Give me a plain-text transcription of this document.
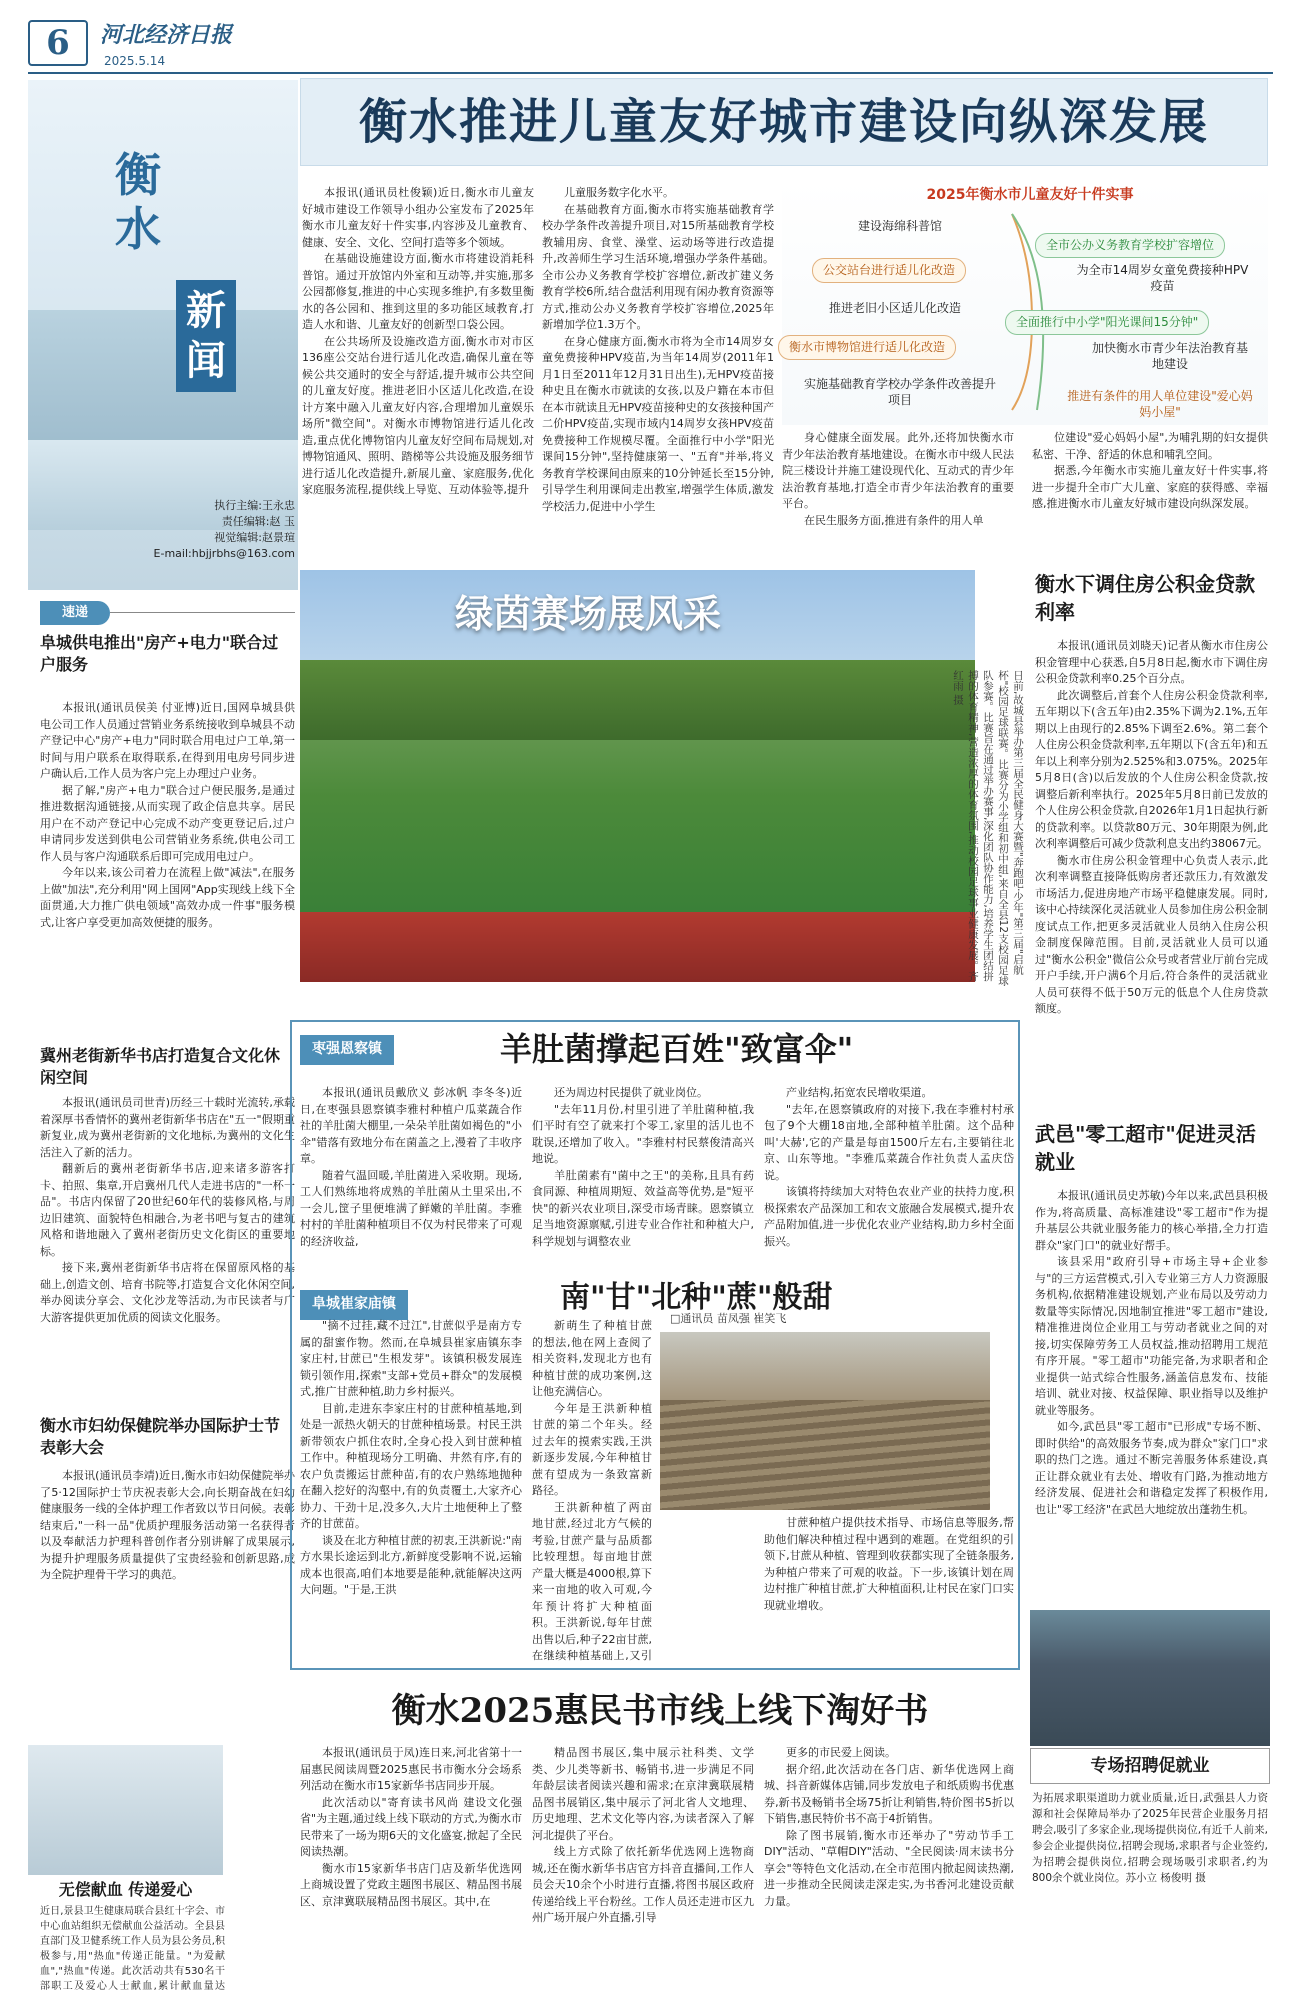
6	河北经济日报
2025.5.14
衡水
新闻
执行主编:王永忠
责任编辑:赵 玉
视觉编辑:赵景瑄
E-mail:hbjjrbhs@163.com
衡水推进儿童友好城市建设向纵深发展

本报讯(通讯员杜俊颖)近日,衡水市儿童友好城市建设工作领导小组办公室发布了2025年衡水市儿童友好十件实事,内容涉及儿童教育、健康、安全、文化、空间打造等多个领域。

在基础设施建设方面,衡水市将建设消耗科普馆。通过开放馆内外室和互动等,并实施,那多公园都修复,推进的中心实现多维护,有多数里衡水的各公园和、推到这里的多功能区域教育,打造人水和谐、儿童友好的创新型口袋公园。

在公共场所及设施改造方面,衡水市对市区136座公交站台进行适儿化改造,确保儿童在等候公共交通时的安全与舒适,提升城市公共空间的儿童友好度。推进老旧小区适儿化改造,在设计方案中融入儿童友好内容,合理增加儿童娱乐场所"微空间"。对衡水市博物馆进行适儿化改造,重点优化博物馆内儿童友好空间布局规划,对博物馆通风、照明、踏梯等公共设施及服务细节进行适儿化改造提升,新展儿童、家庭服务,优化家庭服务流程,提供线上导览、互动体验等,提升

儿童服务数字化水平。

在基础教育方面,衡水市将实施基础教育学校办学条件改善提升项目,对15所基础教育学校教辅用房、食堂、澡堂、运动场等进行改造提升,改善师生学习生活环境,增强办学条件基础。全市公办义务教育学校扩容增位,新改扩建义务教育学校6所,结合盘活利用现有闲办教育资源等方式,推动公办义务教育学校扩容增位,2025年新增加学位1.3万个。

在身心健康方面,衡水市将为全市14周岁女童免费接种HPV疫苗,为当年14周岁(2011年1月1日至2011年12月31日出生),无HPV疫苗接种史且在衡水市就读的女孩,以及户籍在本市但在本市就读且无HPV疫苗接种史的女孩接种国产二价HPV疫苗,实现市域内14周岁女孩HPV疫苗免费接种工作规模尽覆。全面推行中小学"阳光课间15分钟",坚持健康第一、"五育"并举,将义务教育学校课间由原来的10分钟延长至15分钟,引导学生利用课间走出教室,增强学生体质,激发学校活力,促进中小学生

身心健康全面发展。此外,还将加快衡水市青少年法治教育基地建设。在衡水市中级人民法院三楼设计并施工建设现代化、互动式的青少年法治教育基地,打造全市青少年法治教育的重要平台。

在民生服务方面,推进有条件的用人单

位建设"爱心妈妈小屋",为哺乳期的妇女提供私密、干净、舒适的休息和哺乳空间。

据悉,今年衡水市实施儿童友好十件实事,将进一步提升全市广大儿童、家庭的获得感、幸福感,推进衡水市儿童友好城市建设向纵深发展。

2025年衡水市儿童友好十件实事
建设海绵科普馆
公交站台进行适儿化改造
推进老旧小区适儿化改造
衡水市博物馆进行适儿化改造
实施基础教育学校办学条件改善提升项目
全市公办义务教育学校扩容增位
为全市14周岁女童免费接种HPV疫苗
全面推行中小学"阳光课间15分钟"
加快衡水市青少年法治教育基地建设
推进有条件的用人单位建设"爱心妈妈小屋"
绿茵赛场展风采
日前,故城县举办第三届全民健身大赛暨"奔跑吧·少年"第三届"启航杯"校园足球联赛。比赛分为小学组和初中组,来自全县12支校园足球队参赛。比赛旨在通过举办赛事,深化团队协作能力,培养学生团结拼搏的体育精神,营造浓厚的体育氛围,推动校园足球事业健康发展。齐红雨 摄
衡水下调住房公积金贷款利率

本报讯(通讯员刘晓天)记者从衡水市住房公积金管理中心获悉,自5月8日起,衡水市下调住房公积金贷款利率0.25个百分点。

此次调整后,首套个人住房公积金贷款利率,五年期以下(含五年)由2.35%下调为2.1%,五年期以上由现行的2.85%下调至2.6%。第二套个人住房公积金贷款利率,五年期以下(含五年)和五年以上利率分别为2.525%和3.075%。2025年5月8日(含)以后发放的个人住房公积金贷款,按调整后新利率执行。2025年5月8日前已发放的个人住房公积金贷款,自2026年1月1日起执行新的贷款利率。以贷款80万元、30年期限为例,此次利率调整后可减少贷款利息支出约38067元。

衡水市住房公积金管理中心负责人表示,此次利率调整直接降低购房者还款压力,有效激发市场活力,促进房地产市场平稳健康发展。同时,该中心持续深化灵活就业人员参加住房公积金制度试点工作,把更多灵活就业人员纳入住房公积金制度保障范围。目前,灵活就业人员可以通过"衡水公积金"微信公众号或者营业厅前台完成开户手续,开户满6个月后,符合条件的灵活就业人员可获得不低于50万元的低息个人住房贷款额度。

武邑"零工超市"促进灵活就业

本报讯(通讯员史苏敏)今年以来,武邑县积极作为,将高质量、高标准建设"零工超市"作为提升基层公共就业服务能力的核心举措,全力打造群众"家门口"的就业好帮手。

该县采用"政府引导+市场主导+企业参与"的三方运营模式,引入专业第三方人力资源服务机构,依据精准建设规划,产业布局以及劳动力数量等实际情况,因地制宜推进"零工超市"建设,精准推进岗位企业用工与劳动者就业之间的对接,切实保障劳务工人员权益,推动招聘用工规范有序开展。"零工超市"功能完备,为求职者和企业提供一站式综合性服务,涵盖信息发布、技能培训、就业对接、权益保障、职业指导以及维护就业等服务。

如今,武邑县"零工超市"已形成"专场不断、即时供给"的高效服务节奏,成为群众"家门口"求职的热门之选。通过不断完善服务体系建设,真正让群众就业有去处、增收有门路,为推动地方经济发展、促进社会和谐稳定发挥了积极作用,也让"零工经济"在武邑大地绽放出蓬勃生机。

专场招聘促就业
为拓展求职渠道助力就业质量,近日,武强县人力资源和社会保障局举办了2025年民营企业服务月招聘会,吸引了多家企业,现场提供岗位,有近千人前来,参会企业提供岗位,招聘会现场,求职者与企业签约,为招聘会提供岗位,招聘会现场吸引求职者,约为800余个就业岗位。苏小立 杨俊明 摄
速递
阜城供电推出"房产+电力"联合过户服务

本报讯(通讯员侯美 付亚博)近日,国网阜城县供电公司工作人员通过营销业务系统接收到阜城县不动产登记中心"房产+电力"同时联合用电过户工单,第一时间与用户联系在取得联系,在得到用电房号同步进户确认后,工作人员为客户完上办理过户业务。

据了解,"房产+电力"联合过户便民服务,是通过推进数据沟通链接,从而实现了政企信息共享。居民用户在不动产登记中心完成不动产变更登记后,过户申请同步发送到供电公司营销业务系统,供电公司工作人员与客户沟通联系后即可完成用电过户。

今年以来,该公司着力在流程上做"减法",在服务上做"加法",充分利用"网上国网"App实现线上线下全面贯通,大力推广供电领域"高效办成一件事"服务模式,让客户享受更加高效便捷的服务。

冀州老街新华书店打造复合文化休闲空间

本报讯(通讯员司世青)历经三十载时光流转,承载着深厚书香情怀的冀州老街新华书店在"五一"假期重新复业,成为冀州老街新的文化地标,为冀州的文化生活注入了新的活力。

翻新后的冀州老街新华书店,迎来诸多游客打卡、拍照、集章,开启冀州几代人走进书店的"一杯一品"。书店内保留了20世纪60年代的装修风格,与周边旧建筑、面貌特色相融合,为老书吧与复古的建筑风格和谐地融入了冀州老街历史文化街区的重要地标。

接下来,冀州老街新华书店将在保留原风格的基础上,创造文创、培育书院等,打造复合文化休闲空间,举办阅读分享会、文化沙龙等活动,为市民读者与广大游客提供更加优质的阅读文化服务。

衡水市妇幼保健院举办国际护士节表彰大会

本报讯(通讯员李靖)近日,衡水市妇幼保健院举办了5·12国际护士节庆祝表彰大会,向长期奋战在妇幼健康服务一线的全体护理工作者致以节日问候。表彰结束后,"一科一品"优质护理服务活动第一名获得者以及奉献活力护理科普创作者分别讲解了成果展示,为提升护理服务质量提供了宝贵经验和创新思路,成为全院护理骨干学习的典范。

无偿献血 传递爱心
近日,景县卫生健康局联合县红十字会、市中心血站组织无偿献血公益活动。全县县直部门及卫健系统工作人员为县公务员,积极参与,用"热血"传递正能量。"为爱献血","热血"传递。此次活动共有530名干部职工及爱心人士献血,累计献血量达
枣强恩察镇	羊肚菌撑起百姓"致富伞"

本报讯(通讯员戴欣义 彭冰帆 李冬冬)近日,在枣强县恩察镇李雅村种植户瓜菜蔬合作社的羊肚菌大棚里,一朵朵羊肚菌如褐色的"小伞"错落有致地分布在菌盖之上,漫着了丰收序章。

随着气温回暖,羊肚菌进入采收期。现场,工人们熟练地将成熟的羊肚菌从土里采出,不一会儿,筐子里便堆满了鲜嫩的羊肚菌。李雅村村的羊肚菌种植项目不仅为村民带来了可观的经济收益,

还为周边村民提供了就业岗位。

"去年11月份,村里引进了羊肚菌种植,我们平时有空了就来打个零工,家里的活儿也不耽误,还增加了收入。"李雅村村民蔡俊清高兴地说。

羊肚菌素有"菌中之王"的美称,且具有药食同源、种植周期短、效益高等优势,是"短平快"的新兴农业项目,深受市场青睐。恩察镇立足当地资源禀赋,引进专业合作社和种植大户,科学规划与调整农业

产业结构,拓宽农民增收渠道。

"去年,在恩察镇政府的对接下,我在李雅村村承包了9个大棚18亩地,全部种植羊肚菌。这个品种叫'大赫',它的产量是每亩1500斤左右,主要销往北京、山东等地。"李雅瓜菜蔬合作社负责人孟庆岱说。

该镇将持续加大对特色农业产业的扶持力度,积极探索农产品深加工和农文旅融合发展模式,提升农产品附加值,进一步优化农业产业结构,助力乡村全面振兴。

阜城崔家庙镇	南"甘"北种"蔗"般甜
□通讯员 苗凤强 崔笑飞

"摘不过挂,藏不过江",甘蔗似乎是南方专属的甜蜜作物。然而,在阜城县崔家庙镇东李家庄村,甘蔗已"生根发芽"。该镇积极发展连锁引领作用,探索"支部+党员+群众"的发展模式,推广甘蔗种植,助力乡村振兴。

目前,走进东李家庄村的甘蔗种植基地,到处是一派热火朝天的甘蔗种植场景。村民王洪新带领农户抓住农时,全身心投入到甘蔗种植工作中。种植现场分工明确、井然有序,有的农户负责搬运甘蔗种苗,有的农户熟练地抛种在翻入挖好的沟壑中,有的负责覆土,大家齐心协力、干劲十足,没多久,大片土地便种上了整齐的甘蔗苗。

谈及在北方种植甘蔗的初衷,王洪新说:"南方水果长途运到北方,新鲜度受影响不说,运输成本也很高,咱们本地要是能种,就能解决这两大问题。"于是,王洪

新萌生了种植甘蔗的想法,他在网上查阅了相关资料,发现北方也有种植甘蔗的成功案例,这让他充满信心。

今年是王洪新种植甘蔗的第二个年头。经过去年的摸索实践,王洪新逐步发展,今年种植甘蔗有望成为一条致富新路径。

王洪新种植了两亩地甘蔗,经过北方气候的考验,甘蔗产量与品质都比较理想。每亩地甘蔗产量大概是4000根,算下来一亩地的收入可观,今年预计将扩大种植面积。王洪新说,每年甘蔗出售以后,种子22亩甘蔗,在继续种植基础上,又引

甘蔗种植户提供技术指导、市场信息等服务,帮助他们解决种植过程中遇到的难题。在党组织的引领下,甘蔗从种植、管理到收获都实现了全链条服务,为种植户带来了可观的收益。下一步,该镇计划在周边村推广种植甘蔗,扩大种植面积,让村民在家门口实现就业增收。

衡水2025惠民书市线上线下淘好书

本报讯(通讯员于凤)连日来,河北省第十一届惠民阅读周暨2025惠民书市衡水分会场系列活动在衡水市15家新华书店同步开展。

此次活动以"寄育读书风尚 建设文化强省"为主题,通过线上线下联动的方式,为衡水市民带来了一场为期6天的文化盛宴,掀起了全民阅读热潮。

衡水市15家新华书店门店及新华优选网上商城设置了党政主题图书展区、精品图书展区、京津冀联展精品图书展区。其中,在

精品图书展区,集中展示社科类、文学类、少儿类等新书、畅销书,进一步满足不同年龄层读者阅读兴趣和需求;在京津冀联展精品图书展销区,集中展示了河北省人文地理、历史地理、艺术文化等内容,为读者深入了解河北提供了平台。

线上方式除了依托新华优选网上选物商城,还在衡水新华书店官方抖音直播间,工作人员会天10余个小时进行直播,将图书展区政府传递给线上平台粉丝。工作人员还走进市区九州广场开展户外直播,引导

更多的市民爱上阅读。

据介绍,此次活动在各门店、新华优选网上商城、抖音新媒体店铺,同步发放电子和纸质购书优惠券,新书及畅销书全场75折让利销售,特价图书5折以下销售,惠民特价书不高于4折销售。

除了图书展销,衡水市还举办了"劳动节手工DIY"活动、"草帽DIY"活动、"全民阅读·周末读书分享会"等特色文化活动,在全市范围内掀起阅读热潮,进一步推动全民阅读走深走实,为书香河北建设贡献力量。
